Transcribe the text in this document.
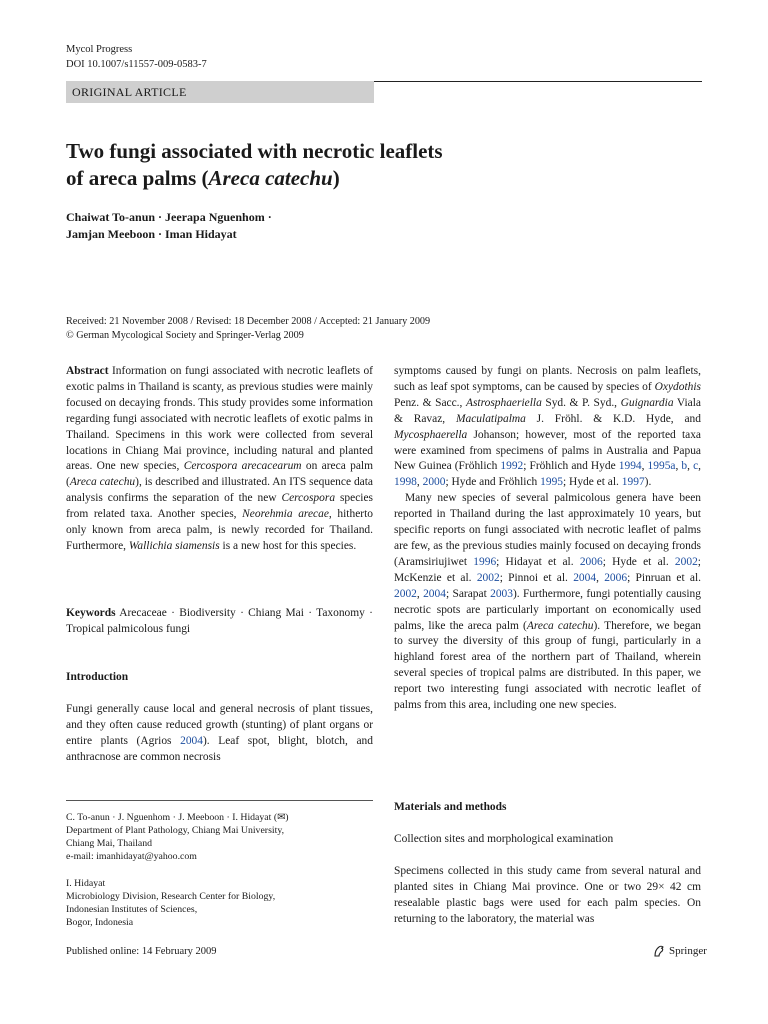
Mycol Progress
DOI 10.1007/s11557-009-0583-7
ORIGINAL ARTICLE
Two fungi associated with necrotic leaflets
of areca palms (Areca catechu)
Chaiwat To-anun · Jeerapa Nguenhom ·
Jamjan Meeboon · Iman Hidayat
Received: 21 November 2008 / Revised: 18 December 2008 / Accepted: 21 January 2009
© German Mycological Society and Springer-Verlag 2009

Abstract Information on fungi associated with necrotic leaflets of exotic palms in Thailand is scanty, as previous studies were mainly focused on decaying fronds. This study provides some information regarding fungi associated with necrotic leaflets of exotic palms in Thailand. Specimens in this work were collected from several locations in Chiang Mai province, including natural and planted areas. One new species, Cercospora arecacearum on areca palm (Areca catechu), is described and illustrated. An ITS sequence data analysis confirms the separation of the new Cercospora species from related taxa. Another species, Neorehmia arecae, hitherto only known from areca palm, is newly recorded for Thailand. Furthermore, Wallichia siamensis is a new host for this species.

Keywords Arecaceae · Biodiversity · Chiang Mai · Taxonomy · Tropical palmicolous fungi

Introduction

Fungi generally cause local and general necrosis of plant tissues, and they often cause reduced growth (stunting) of plant organs or entire plants (Agrios 2004). Leaf spot, blight, blotch, and anthracnose are common necrosis

C. To-anun · J. Nguenhom · J. Meeboon · I. Hidayat (✉)
Department of Plant Pathology, Chiang Mai University,
Chiang Mai, Thailand
e-mail: imanhidayat@yahoo.com
I. Hidayat
Microbiology Division, Research Center for Biology,
Indonesian Institutes of Sciences,
Bogor, Indonesia

symptoms caused by fungi on plants. Necrosis on palm leaflets, such as leaf spot symptoms, can be caused by species of Oxydothis Penz. & Sacc., Astrosphaeriella Syd. & P. Syd., Guignardia Viala & Ravaz, Maculatipalma J. Fröhl. & K.D. Hyde, and Mycosphaerella Johanson; however, most of the reported taxa were examined from specimens of palms in Australia and Papua New Guinea (Fröhlich 1992; Fröhlich and Hyde 1994, 1995a, b, c, 1998, 2000; Hyde and Fröhlich 1995; Hyde et al. 1997).

Many new species of several palmicolous genera have been reported in Thailand during the last approximately 10 years, but specific reports on fungi associated with necrotic leaflet of palms are few, as the previous studies mainly focused on decaying fronds (Aramsiriujiwet 1996; Hidayat et al. 2006; Hyde et al. 2002; McKenzie et al. 2002; Pinnoi et al. 2004, 2006; Pinruan et al. 2002, 2004; Sarapat 2003). Furthermore, fungi potentially causing necrotic spots are particularly important on economically used palms, like the areca palm (Areca catechu). Therefore, we began to survey the diversity of this group of fungi, particularly in a highland forest area of the northern part of Thailand, wherein several species of tropical palms are distributed. In this paper, we report two interesting fungi associated with necrotic leaflet of palms from this area, including one new species.

Materials and methods
Collection sites and morphological examination
Specimens collected in this study came from several natural and planted sites in Chiang Mai province. One or two 29× 42 cm resealable plastic bags were used for each palm species. On returning to the laboratory, the material was
Published online: 14 February 2009	Springer
